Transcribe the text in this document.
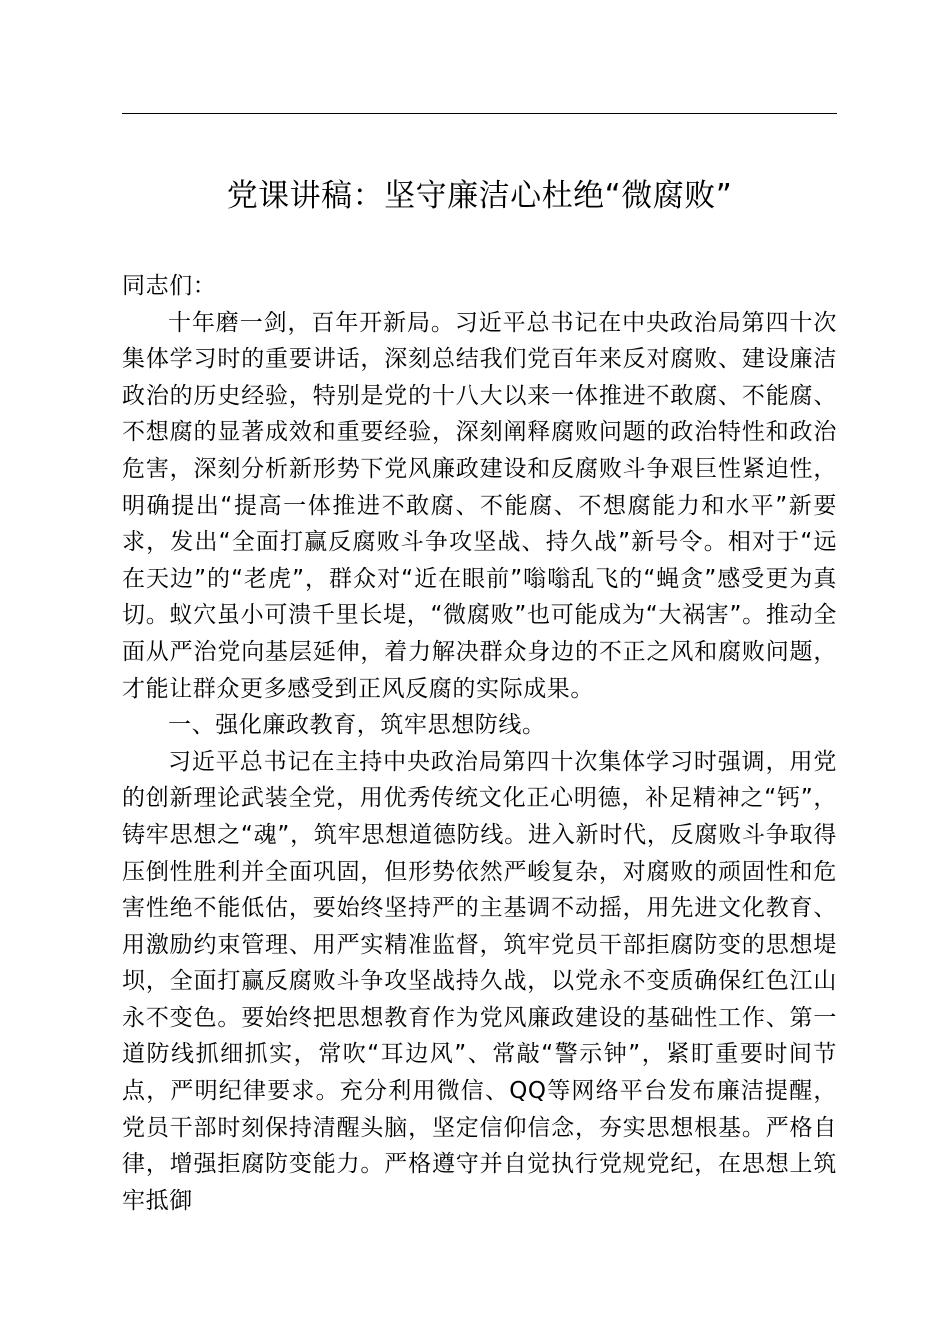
党课讲稿：坚守廉洁心杜绝“微腐败”

同志们：

十年磨一剑，百年开新局。习近平总书记在中央政治局第四十次集体学习时的重要讲话，深刻总结我们党百年来反对腐败、建设廉洁政治的历史经验，特别是党的十八大以来一体推进不敢腐、不能腐、不想腐的显著成效和重要经验，深刻阐释腐败问题的政治特性和政治危害，深刻分析新形势下党风廉政建设和反腐败斗争艰巨性紧迫性，明确提出“提高一体推进不敢腐、不能腐、不想腐能力和水平”新要求，发出“全面打赢反腐败斗争攻坚战、持久战”新号令。相对于“远在天边”的“老虎”，群众对“近在眼前”嗡嗡乱飞的“蝇贪”感受更为真切。蚁穴虽小可溃千里长堤，“微腐败”也可能成为“大祸害”。推动全面从严治党向基层延伸，着力解决群众身边的不正之风和腐败问题，才能让群众更多感受到正风反腐的实际成果。

一、强化廉政教育，筑牢思想防线。

习近平总书记在主持中央政治局第四十次集体学习时强调，用党的创新理论武装全党，用优秀传统文化正心明德，补足精神之“钙”，铸牢思想之“魂”，筑牢思想道德防线。进入新时代，反腐败斗争取得压倒性胜利并全面巩固，但形势依然严峻复杂，对腐败的顽固性和危害性绝不能低估，要始终坚持严的主基调不动摇，用先进文化教育、用激励约束管理、用严实精准监督，筑牢党员干部拒腐防变的思想堤坝，全面打赢反腐败斗争攻坚战持久战，以党永不变质确保红色江山永不变色。要始终把思想教育作为党风廉政建设的基础性工作、第一道防线抓细抓实，常吹“耳边风”、常敲“警示钟”，紧盯重要时间节点，严明纪律要求。充分利用微信、QQ等网络平台发布廉洁提醒，党员干部时刻保持清醒头脑，坚定信仰信念，夯实思想根基。严格自律，增强拒腐防变能力。严格遵守并自觉执行党规党纪，在思想上筑牢抵御
